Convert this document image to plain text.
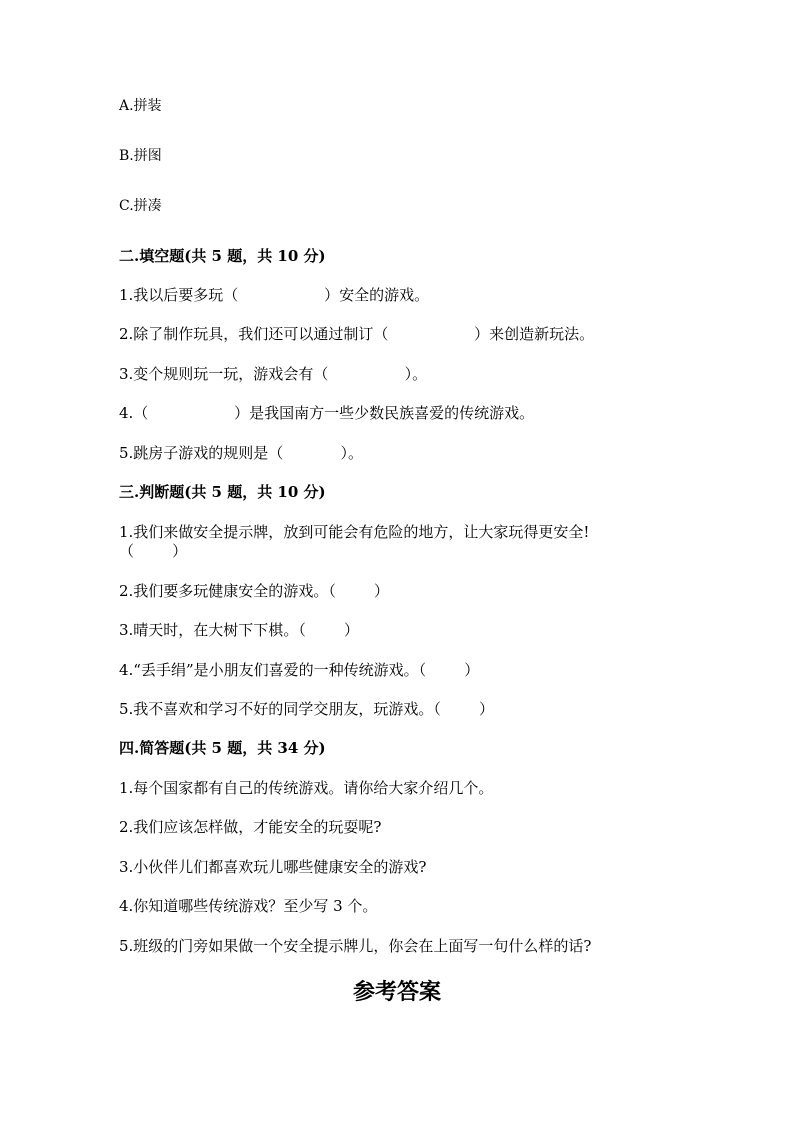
A.拼装
B.拼图
C.拼凑
二.填空题(共 5 题，共 10 分)
1.我以后要多玩（                  ）安全的游戏。
2.除了制作玩具，我们还可以通过制订（                  ）来创造新玩法。
3.变个规则玩一玩，游戏会有（                ）。
4.（                  ）是我国南方一些少数民族喜爱的传统游戏。
5.跳房子游戏的规则是（            ）。
三.判断题(共 5 题，共 10 分)
1.我们来做安全提示牌，放到可能会有危险的地方，让大家玩得更安全!
（        ）
2.我们要多玩健康安全的游戏。（        ）
3.晴天时，在大树下下棋。（        ）
4.“丢手绢”是小朋友们喜爱的一种传统游戏。（        ）
5.我不喜欢和学习不好的同学交朋友，玩游戏。（        ）
四.简答题(共 5 题，共 34 分)
1.每个国家都有自己的传统游戏。请你给大家介绍几个。
2.我们应该怎样做，才能安全的玩耍呢?
3.小伙伴儿们都喜欢玩儿哪些健康安全的游戏?
4.你知道哪些传统游戏？至少写 3 个。
5.班级的门旁如果做一个安全提示牌儿，你会在上面写一句什么样的话?
参考答案
